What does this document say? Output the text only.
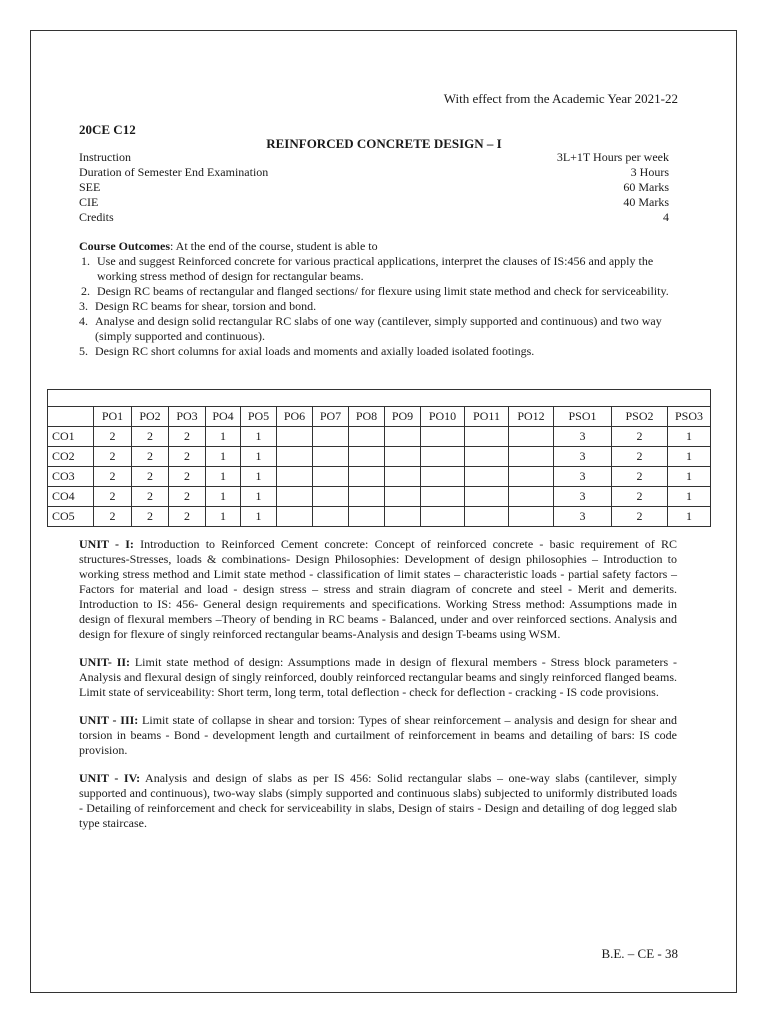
With effect from the Academic Year 2021-22
20CE C12
REINFORCED CONCRETE DESIGN – I
Instruction	3L+1T Hours per week
Duration of Semester End Examination	3 Hours
SEE	60 Marks
CIE	40 Marks
Credits	4
Course Outcomes: At the end of the course, student is able to
1. Use and suggest Reinforced concrete for various practical applications, interpret the clauses of IS:456 and apply the working stress method of design for rectangular beams.
2. Design RC beams of rectangular and flanged sections/ for flexure using limit state method and check for serviceability.
3. Design RC beams for shear, torsion and bond.
4. Analyse and design solid rectangular RC slabs of one way (cantilever, simply supported and continuous) and two way (simply supported and continuous).
5. Design RC short columns for axial loads and moments and axially loaded isolated footings.

	PO1	PO2	PO3	PO4	PO5	PO6	PO7	PO8	PO9	PO10	PO11	PO12	PSO1	PSO2	PSO3
CO1	2	2	2	1	1								3	2	1
CO2	2	2	2	1	1								3	2	1
CO3	2	2	2	1	1								3	2	1
CO4	2	2	2	1	1								3	2	1
CO5	2	2	2	1	1								3	2	1

UNIT - I: Introduction to Reinforced Cement concrete: Concept of reinforced concrete - basic requirement of RC structures-Stresses, loads & combinations- Design Philosophies: Development of design philosophies – Introduction to working stress method and Limit state method - classification of limit states – characteristic loads - partial safety factors – Factors for material and load - design stress – stress and strain diagram of concrete and steel - Merit and demerits. Introduction to IS: 456- General design requirements and specifications. Working Stress method: Assumptions made in design of flexural members –Theory of bending in RC beams - Balanced, under and over reinforced sections. Analysis and design for flexure of singly reinforced rectangular beams-Analysis and design T-beams using WSM.

UNIT- II: Limit state method of design: Assumptions made in design of flexural members - Stress block parameters - Analysis and flexural design of singly reinforced, doubly reinforced rectangular beams and singly reinforced flanged beams. Limit state of serviceability: Short term, long term, total deflection - check for deflection - cracking - IS code provisions.

UNIT - III: Limit state of collapse in shear and torsion: Types of shear reinforcement – analysis and design for shear and torsion in beams - Bond - development length and curtailment of reinforcement in beams and detailing of bars: IS code provision.

UNIT - IV: Analysis and design of slabs as per IS 456: Solid rectangular slabs – one-way slabs (cantilever, simply supported and continuous), two-way slabs (simply supported and continuous slabs) subjected to uniformly distributed loads - Detailing of reinforcement and check for serviceability in slabs, Design of stairs - Design and detailing of dog legged slab type staircase.

B.E. – CE - 38
